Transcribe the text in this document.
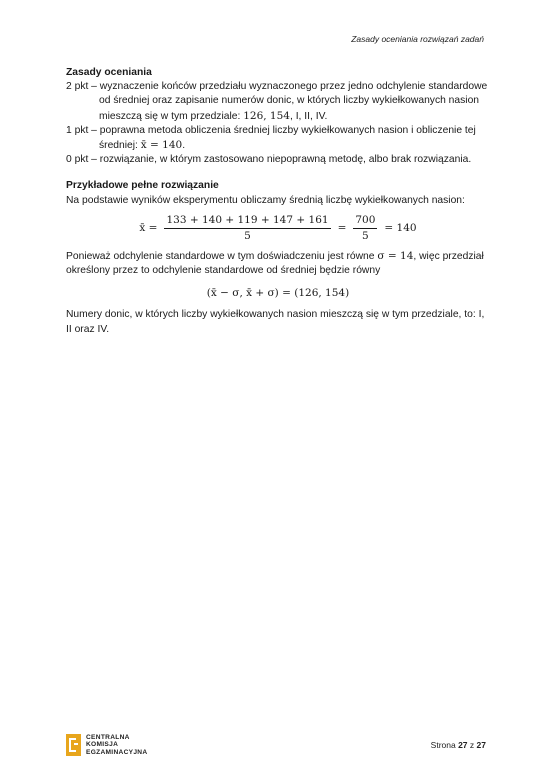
Zasady oceniania rozwiązań zadań
Zasady oceniania

2 pkt – wyznaczenie końców przedziału wyznaczonego przez jedno odchylenie standardowe od średniej oraz zapisanie numerów donic, w których liczby wykiełkowanych nasion mieszczą się w tym przedziale: 126, 154, I, II, IV.

1 pkt – poprawna metoda obliczenia średniej liczby wykiełkowanych nasion i obliczenie tej średniej: x̄ = 140.

0 pkt – rozwiązanie, w którym zastosowano niepoprawną metodę, albo brak rozwiązania.

Przykładowe pełne rozwiązanie

Na podstawie wyników eksperymentu obliczamy średnią liczbę wykiełkowanych nasion:

x̄ = $\frac{133 + 140 + 119 + 147 + 161}{5} = \frac{700}{5} = 140$

Ponieważ odchylenie standardowe w tym doświadczeniu jest równe σ = 14, więc przedział określony przez to odchylenie standardowe od średniej będzie równy

(x̄ − σ, x̄ + σ) = (126, 154)

Numery donic, w których liczby wykiełkowanych nasion mieszczą się w tym przedziale, to: I, II oraz IV.

CENTRALNA
KOMISJA
EGZAMINACYJNA
Strona 27 z 27
